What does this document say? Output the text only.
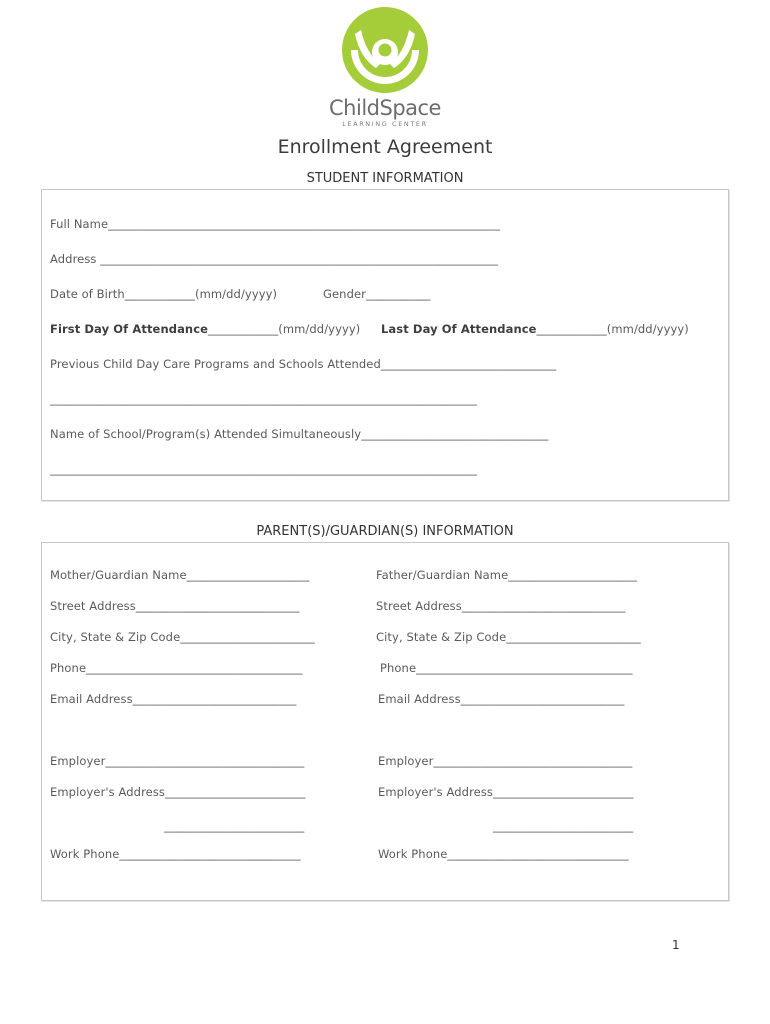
ChildSpace
LEARNING CENTER
Enrollment Agreement
STUDENT INFORMATION
Full Name___________________________________________________________________
Address ____________________________________________________________________
Date of Birth____________(mm/dd/yyyy)	Gender___________
First Day Of Attendance____________(mm/dd/yyyy) Last Day Of Attendance____________(mm/dd/yyyy)
Previous Child Day Care Programs and Schools Attended______________________________
_________________________________________________________________________
Name of School/Program(s) Attended Simultaneously________________________________
_________________________________________________________________________
PARENT(S)/GUARDIAN(S) INFORMATION
Mother/Guardian Name_____________________	Father/Guardian Name______________________
Street Address____________________________	Street Address____________________________
City, State & Zip Code_______________________	City, State & Zip Code_______________________
Phone_____________________________________	Phone_____________________________________
Email Address____________________________	Email Address____________________________
Employer__________________________________	Employer__________________________________
Employer's Address________________________	Employer's Address________________________
________________________	________________________
Work Phone_______________________________	Work Phone_______________________________
1
